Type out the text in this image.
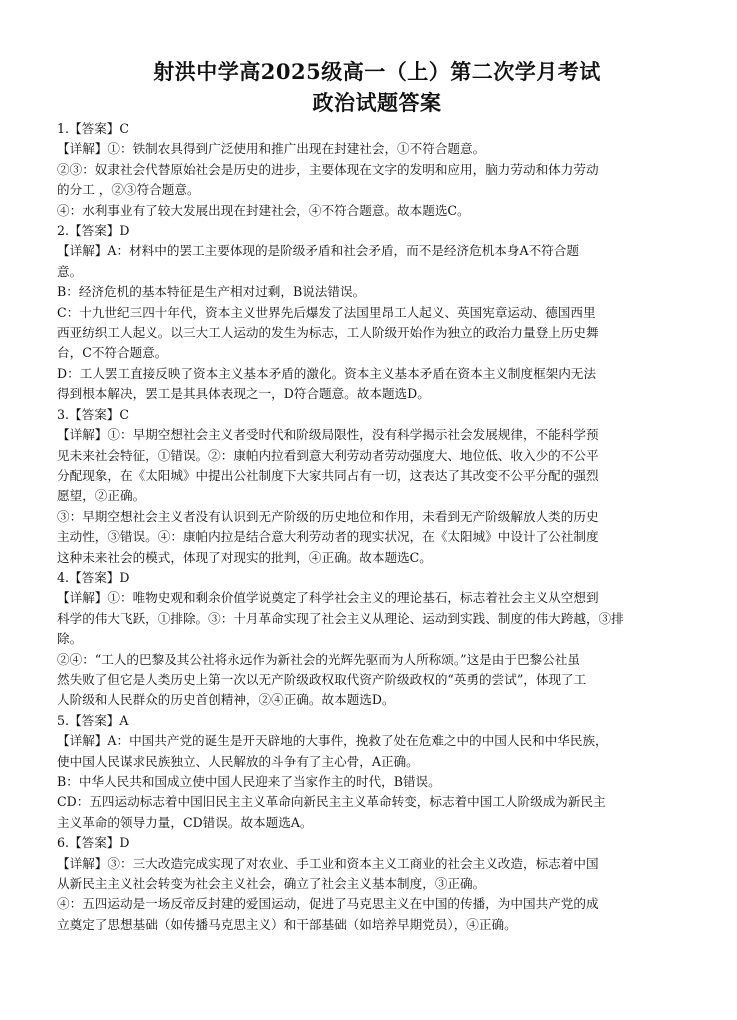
射洪中学高2025级高一（上）第二次学月考试
政治试题答案
1.【答案】C
【详解】①：铁制农具得到广泛使用和推广出现在封建社会，①不符合题意。
②③：奴隶社会代替原始社会是历史的进步，主要体现在文字的发明和应用，脑力劳动和体力劳动
的分工 ，②③符合题意。
④：水利事业有了较大发展出现在封建社会，④不符合题意。故本题选C。
2.【答案】D
【详解】A：材料中的罢工主要体现的是阶级矛盾和社会矛盾，而不是经济危机本身A不符合题
意。
B：经济危机的基本特征是生产相对过剩，B说法错误。
C：十九世纪三四十年代，资本主义世界先后爆发了法国里昂工人起义、英国宪章运动、德国西里
西亚纺织工人起义。以三大工人运动的发生为标志，工人阶级开始作为独立的政治力量登上历史舞
台，C不符合题意。
D：工人罢工直接反映了资本主义基本矛盾的激化。资本主义基本矛盾在资本主义制度框架内无法
得到根本解决，罢工是其具体表现之一，D符合题意。故本题选D。
3.【答案】C
【详解】①：早期空想社会主义者受时代和阶级局限性，没有科学揭示社会发展规律，不能科学预
见未来社会特征，①错误。②：康帕内拉看到意大利劳动者劳动强度大、地位低、收入少的不公平
分配现象，在《太阳城》中提出公社制度下大家共同占有一切，这表达了其改变不公平分配的强烈
愿望，②正确。
③：早期空想社会主义者没有认识到无产阶级的历史地位和作用，未看到无产阶级解放人类的历史
主动性，③错误。④：康帕内拉是结合意大利劳动者的现实状况，在《太阳城》中设计了公社制度
这种未来社会的模式，体现了对现实的批判，④正确。故本题选C。
4.【答案】D
【详解】①：唯物史观和剩余价值学说奠定了科学社会主义的理论基石，标志着社会主义从空想到
科学的伟大飞跃，①排除。③：十月革命实现了社会主义从理论、运动到实践、制度的伟大跨越，③排
除。
②④：“工人的巴黎及其公社将永远作为新社会的光辉先驱而为人所称颂。”这是由于巴黎公社虽
然失败了但它是人类历史上第一次以无产阶级政权取代资产阶级政权的“英勇的尝试”，体现了工
人阶级和人民群众的历史首创精神，②④正确。故本题选D。
5.【答案】A
【详解】A：中国共产党的诞生是开天辟地的大事件，挽救了处在危难之中的中国人民和中华民族，
使中国人民谋求民族独立、人民解放的斗争有了主心骨，A正确。
B：中华人民共和国成立使中国人民迎来了当家作主的时代，B错误。
CD：五四运动标志着中国旧民主主义革命向新民主主义革命转变，标志着中国工人阶级成为新民主
主义革命的领导力量，CD错误。故本题选A。
6.【答案】D
【详解】③：三大改造完成实现了对农业、手工业和资本主义工商业的社会主义改造，标志着中国
从新民主主义社会转变为社会主义社会，确立了社会主义基本制度，③正确。
④：五四运动是一场反帝反封建的爱国运动，促进了马克思主义在中国的传播，为中国共产党的成
立奠定了思想基础（如传播马克思主义）和干部基础（如培养早期党员），④正确。
